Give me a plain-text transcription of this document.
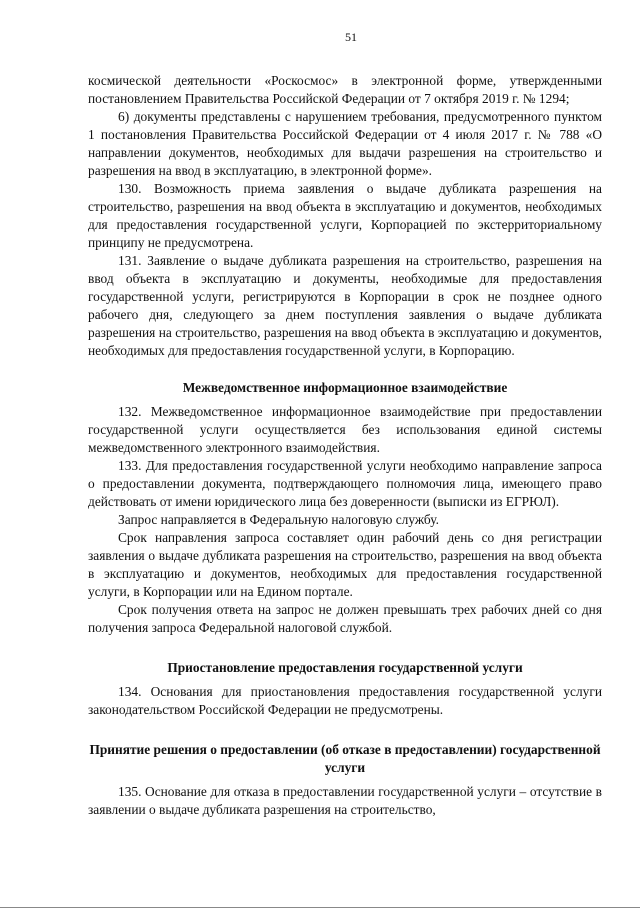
51

космической деятельности «Роскосмос» в электронной форме, утвержденными постановлением Правительства Российской Федерации от 7 октября 2019 г. № 1294;

6) документы представлены с нарушением требования, предусмотренного пунктом 1 постановления Правительства Российской Федерации от 4 июля 2017 г. № 788 «О направлении документов, необходимых для выдачи разрешения на строительство и разрешения на ввод в эксплуатацию, в электронной форме».

130. Возможность приема заявления о выдаче дубликата разрешения на строительство, разрешения на ввод объекта в эксплуатацию и документов, необходимых для предоставления государственной услуги, Корпорацией по экстерриториальному принципу не предусмотрена.

131. Заявление о выдаче дубликата разрешения на строительство, разрешения на ввод объекта в эксплуатацию и документы, необходимые для предоставления государственной услуги, регистрируются в Корпорации в срок не позднее одного рабочего дня, следующего за днем поступления заявления о выдаче дубликата разрешения на строительство, разрешения на ввод объекта в эксплуатацию и документов, необходимых для предоставления государственной услуги, в Корпорацию.

Межведомственное информационное взаимодействие

132. Межведомственное информационное взаимодействие при предоставлении государственной услуги осуществляется без использования единой системы межведомственного электронного взаимодействия.

133. Для предоставления государственной услуги необходимо направление запроса о предоставлении документа, подтверждающего полномочия лица, имеющего право действовать от имени юридического лица без доверенности (выписки из ЕГРЮЛ).

Запрос направляется в Федеральную налоговую службу.

Срок направления запроса составляет один рабочий день со дня регистрации заявления о выдаче дубликата разрешения на строительство, разрешения на ввод объекта в эксплуатацию и документов, необходимых для предоставления государственной услуги, в Корпорации или на Едином портале.

Срок получения ответа на запрос не должен превышать трех рабочих дней со дня получения запроса Федеральной налоговой службой.

Приостановление предоставления государственной услуги

134. Основания для приостановления предоставления государственной услуги законодательством Российской Федерации не предусмотрены.

Принятие решения о предоставлении (об отказе в предоставлении) государственной услуги

135. Основание для отказа в предоставлении государственной услуги – отсутствие в заявлении о выдаче дубликата разрешения на строительство,
